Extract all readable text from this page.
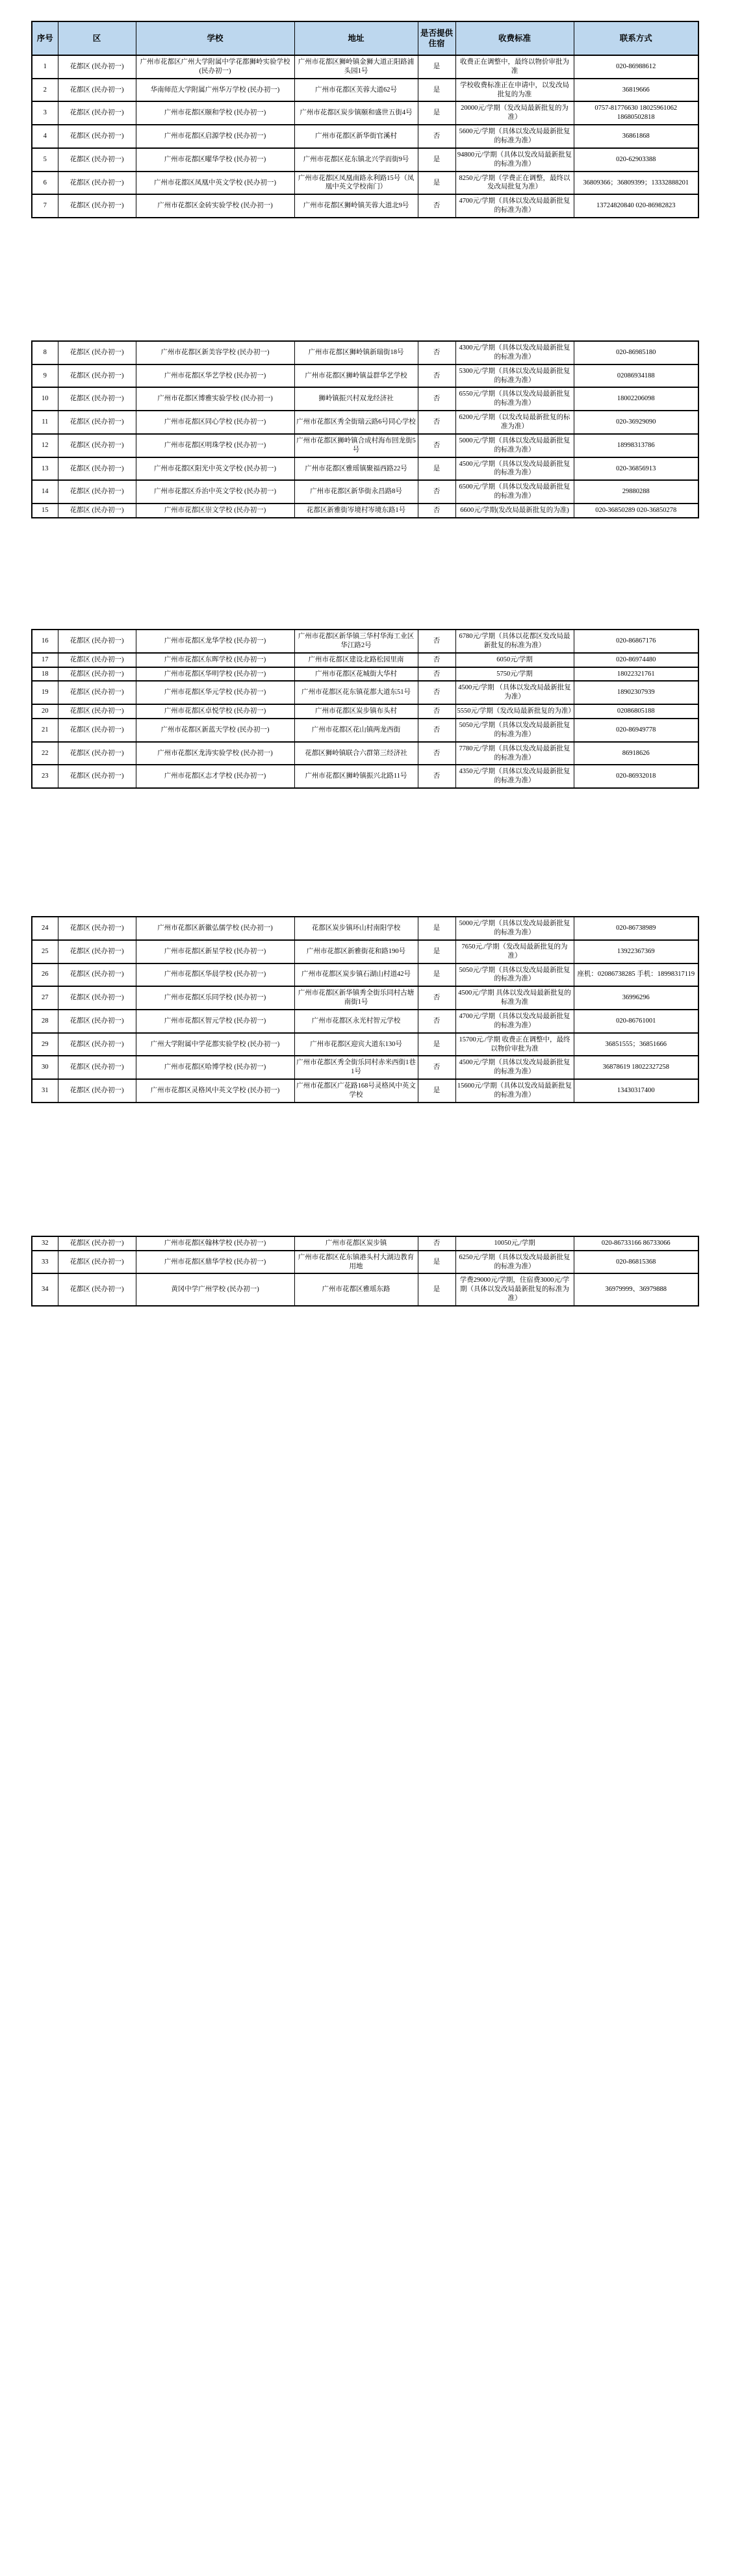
序号	区	学校	地址	是否提供住宿	收费标准	联系方式
1	花都区 (民办初一)	广州市花都区广州大学附属中学花都狮岭实验学校 (民办初一)	广州市花都区狮岭镇金狮大道正阳路浦头园1号	是	收费正在调整中，最终以物价审批为准	020-86988612
2	花都区 (民办初一)	华南师范大学附属广州华万学校 (民办初一)	广州市花都区芙蓉大道62号	是	学校收费标准正在申请中，以发改局批复的为准	36819666
3	花都区 (民办初一)	广州市花都区颐和学校 (民办初一)	广州市花都区炭步镇颐和盛世五街4号	是	20000元/学期（发改局最新批复的为准）	0757-81776630 18025961062 18680502818
4	花都区 (民办初一)	广州市花都区启源学校 (民办初一)	广州市花都区新华街官溪村	否	5600元/学期（具体以发改局最新批复的标准为准）	36861868
5	花都区 (民办初一)	广州市花都区曜华学校 (民办初一)	广州市花都区花东镇北兴学而街9号	是	94800元/学期（具体以发改局最新批复的标准为准）	020-62903388
6	花都区 (民办初一)	广州市花都区凤凰中英文学校 (民办初一)	广州市花都区凤凰南路永利路15号（凤凰中英文学校南门）	是	8250元/学期（学费正在调整，最终以发改局批复为准）	36809366；36809399；13332888201
7	花都区 (民办初一)	广州市花都区金砖实验学校 (民办初一)	广州市花都区狮岭镇芙蓉大道北9号	否	4700元/学期（具体以发改局最新批复的标准为准）	13724820840 020-86982823
8	花都区 (民办初一)	广州市花都区新美容学校 (民办初一)	广州市花都区狮岭镇新瑞街18号	否	4300元/学期（具体以发改局最新批复的标准为准）	020-86985180
9	花都区 (民办初一)	广州市花都区华艺学校 (民办初一)	广州市花都区狮岭镇益群华艺学校	否	5300元/学期（具体以发改局最新批复的标准为准）	02086934188
10	花都区 (民办初一)	广州市花都区博雅实验学校 (民办初一)	狮岭镇振兴村双龙经济社	否	6550元/学期（具体以发改局最新批复的标准为准）	18002206098
11	花都区 (民办初一)	广州市花都区同心学校 (民办初一)	广州市花都区秀全街瑞云路6号同心学校	否	6200元/学期（以发改局最新批复的标准为准）	020-36929090
12	花都区 (民办初一)	广州市花都区明珠学校 (民办初一)	广州市花都区狮岭镇合成村海布回龙街5号	否	5000元/学期（具体以发改局最新批复的标准为准）	18998313786
13	花都区 (民办初一)	广州市花都区阳光中英文学校 (民办初一)	广州市花都区雅瑶镇聚福西路22号	是	4500元/学期（具体以发改局最新批复的标准为准）	020-36856913
14	花都区 (民办初一)	广州市花都区乔治中英文学校 (民办初一)	广州市花都区新华街永昌路8号	否	6500元/学期（具体以发改局最新批复的标准为准）	29880288
15	花都区 (民办初一)	广州市花都区崇文学校 (民办初一)	花都区新雅街岑境村岑境东路1号	否	6600元/学期(发改局最新批复的为准)	020-36850289 020-36850278
16	花都区 (民办初一)	广州市花都区龙华学校 (民办初一)	广州市花都区新华镇三华村华海工业区华江路2号	否	6780元/学期（具体以花都区发改局最新批复的标准为准）	020-86867176
17	花都区 (民办初一)	广州市花都区东晖学校 (民办初一)	广州市花都区建设北路松园里南	否	6050元/学期	020-86974480
18	花都区 (民办初一)	广州市花都区华明学校 (民办初一)	广州市花都区花城街大华村	否	5750元/学期	18022321761
19	花都区 (民办初一)	广州市花都区华元学校 (民办初一)	广州市花都区花东镇花都大道东51号	否	4500元/学期 （具体以发改局最新批复为准）	18902307939
20	花都区 (民办初一)	广州市花都区卓悦学校 (民办初一)	广州市花都区炭步镇布头村	否	5550元/学期（发改局最新批复的为准）	02086805188
21	花都区 (民办初一)	广州市花都区新蓝天学校 (民办初一)	广州市花都区花山镇两龙西街	否	5050元/学期（具体以发改局最新批复的标准为准）	020-86949778
22	花都区 (民办初一)	广州市花都区龙涛实验学校 (民办初一)	花都区狮岭镇联合六群第三经济社	否	7780元/学期（具体以发改局最新批复的标准为准）	86918626
23	花都区 (民办初一)	广州市花都区志才学校 (民办初一)	广州市花都区狮岭镇振兴北路11号	否	4350元/学期（具体以发改局最新批复的标准为准）	020-86932018
24	花都区 (民办初一)	广州市花都区新徽弘儒学校 (民办初一)	花都区炭步镇环山村南阳学校	是	5000元/学期（具体以发改局最新批复的标准为准）	020-86738989
25	花都区 (民办初一)	广州市花都区新星学校 (民办初一)	广州市花都区新雅街花和路190号	是	7650元./学期（发改局最新批复的为准）	13922367369
26	花都区 (民办初一)	广州市花都区华晨学校 (民办初一)	广州市花都区炭步镇石湖山村道42号	是	5050元/学期（具体以发改局最新批复的标准为准）	座机：02086738285 手机：18998317119
27	花都区 (民办初一)	广州市花都区乐同学校 (民办初一)	广州市花都区新华镇秀全街乐同村古塘南街1号	否	4500元/学期 具体以发改局最新批复的标准为准	36996296
28	花都区 (民办初一)	广州市花都区智元学校 (民办初一)	广州市花都区永光村智元学校	否	4700元/学期（具体以发改局最新批复的标准为准）	020-86761001
29	花都区 (民办初一)	广州大学附属中学花都实验学校 (民办初一)	广州市花都区迎宾大道东130号	是	15700元./学期 收费正在调整中，最终以物价审批为准	36851555；36851666
30	花都区 (民办初一)	广州市花都区哈博学校 (民办初一)	广州市花都区秀全街乐同村赤米西街1巷1号	否	4500元/学期（具体以发改局最新批复的标准为准）	36878619 18022327258
31	花都区 (民办初一)	广州市花都区灵格风中英文学校 (民办初一)	广州市花都区广花路168号灵格风中英文学校	是	15600元/学期（具体以发改局最新批复的标准为准）	13430317400
32	花都区 (民办初一)	广州市花都区翰林学校 (民办初一)	广州市花都区炭步镇	否	10050元,/学期	020-86733166 86733066
33	花都区 (民办初一)	广州市花都区鼎华学校 (民办初一)	广州市花都区花东镇港头村大湖边教育用地	是	6250元/学期（具体以发改局最新批复的标准为准）	020-86815368
34	花都区 (民办初一)	黄冈中学广州学校 (民办初一)	广州市花都区雅瑶东路	是	学费29000元/学期，住宿费3000元/学期（具体以发改局最新批复的标准为准）	36979999、36979888
